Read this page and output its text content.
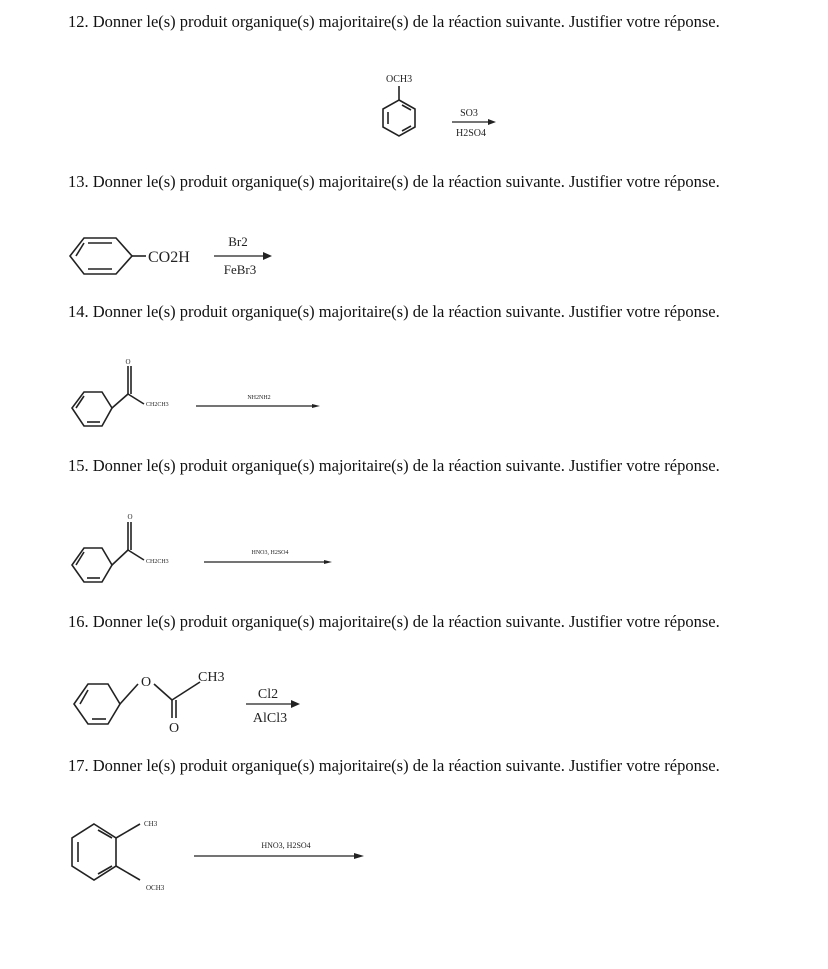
12. Donner le(s) produit organique(s) majoritaire(s) de la réaction suivante. Justifier votre réponse.

OCH3
SO3
H2SO4

13. Donner le(s) produit organique(s) majoritaire(s) de la réaction suivante. Justifier votre réponse.

CO2H
Br2
FeBr3

14. Donner le(s) produit organique(s) majoritaire(s) de la réaction suivante. Justifier votre réponse.

O
CH2CH3
NH2NH2

15. Donner le(s) produit organique(s) majoritaire(s) de la réaction suivante. Justifier votre réponse.

O
CH2CH3
HNO3, H2SO4

16. Donner le(s) produit organique(s) majoritaire(s) de la réaction suivante. Justifier votre réponse.

O
O
CH3
Cl2
AlCl3

17. Donner le(s) produit organique(s) majoritaire(s) de la réaction suivante. Justifier votre réponse.

CH3
OCH3
HNO3, H2SO4
